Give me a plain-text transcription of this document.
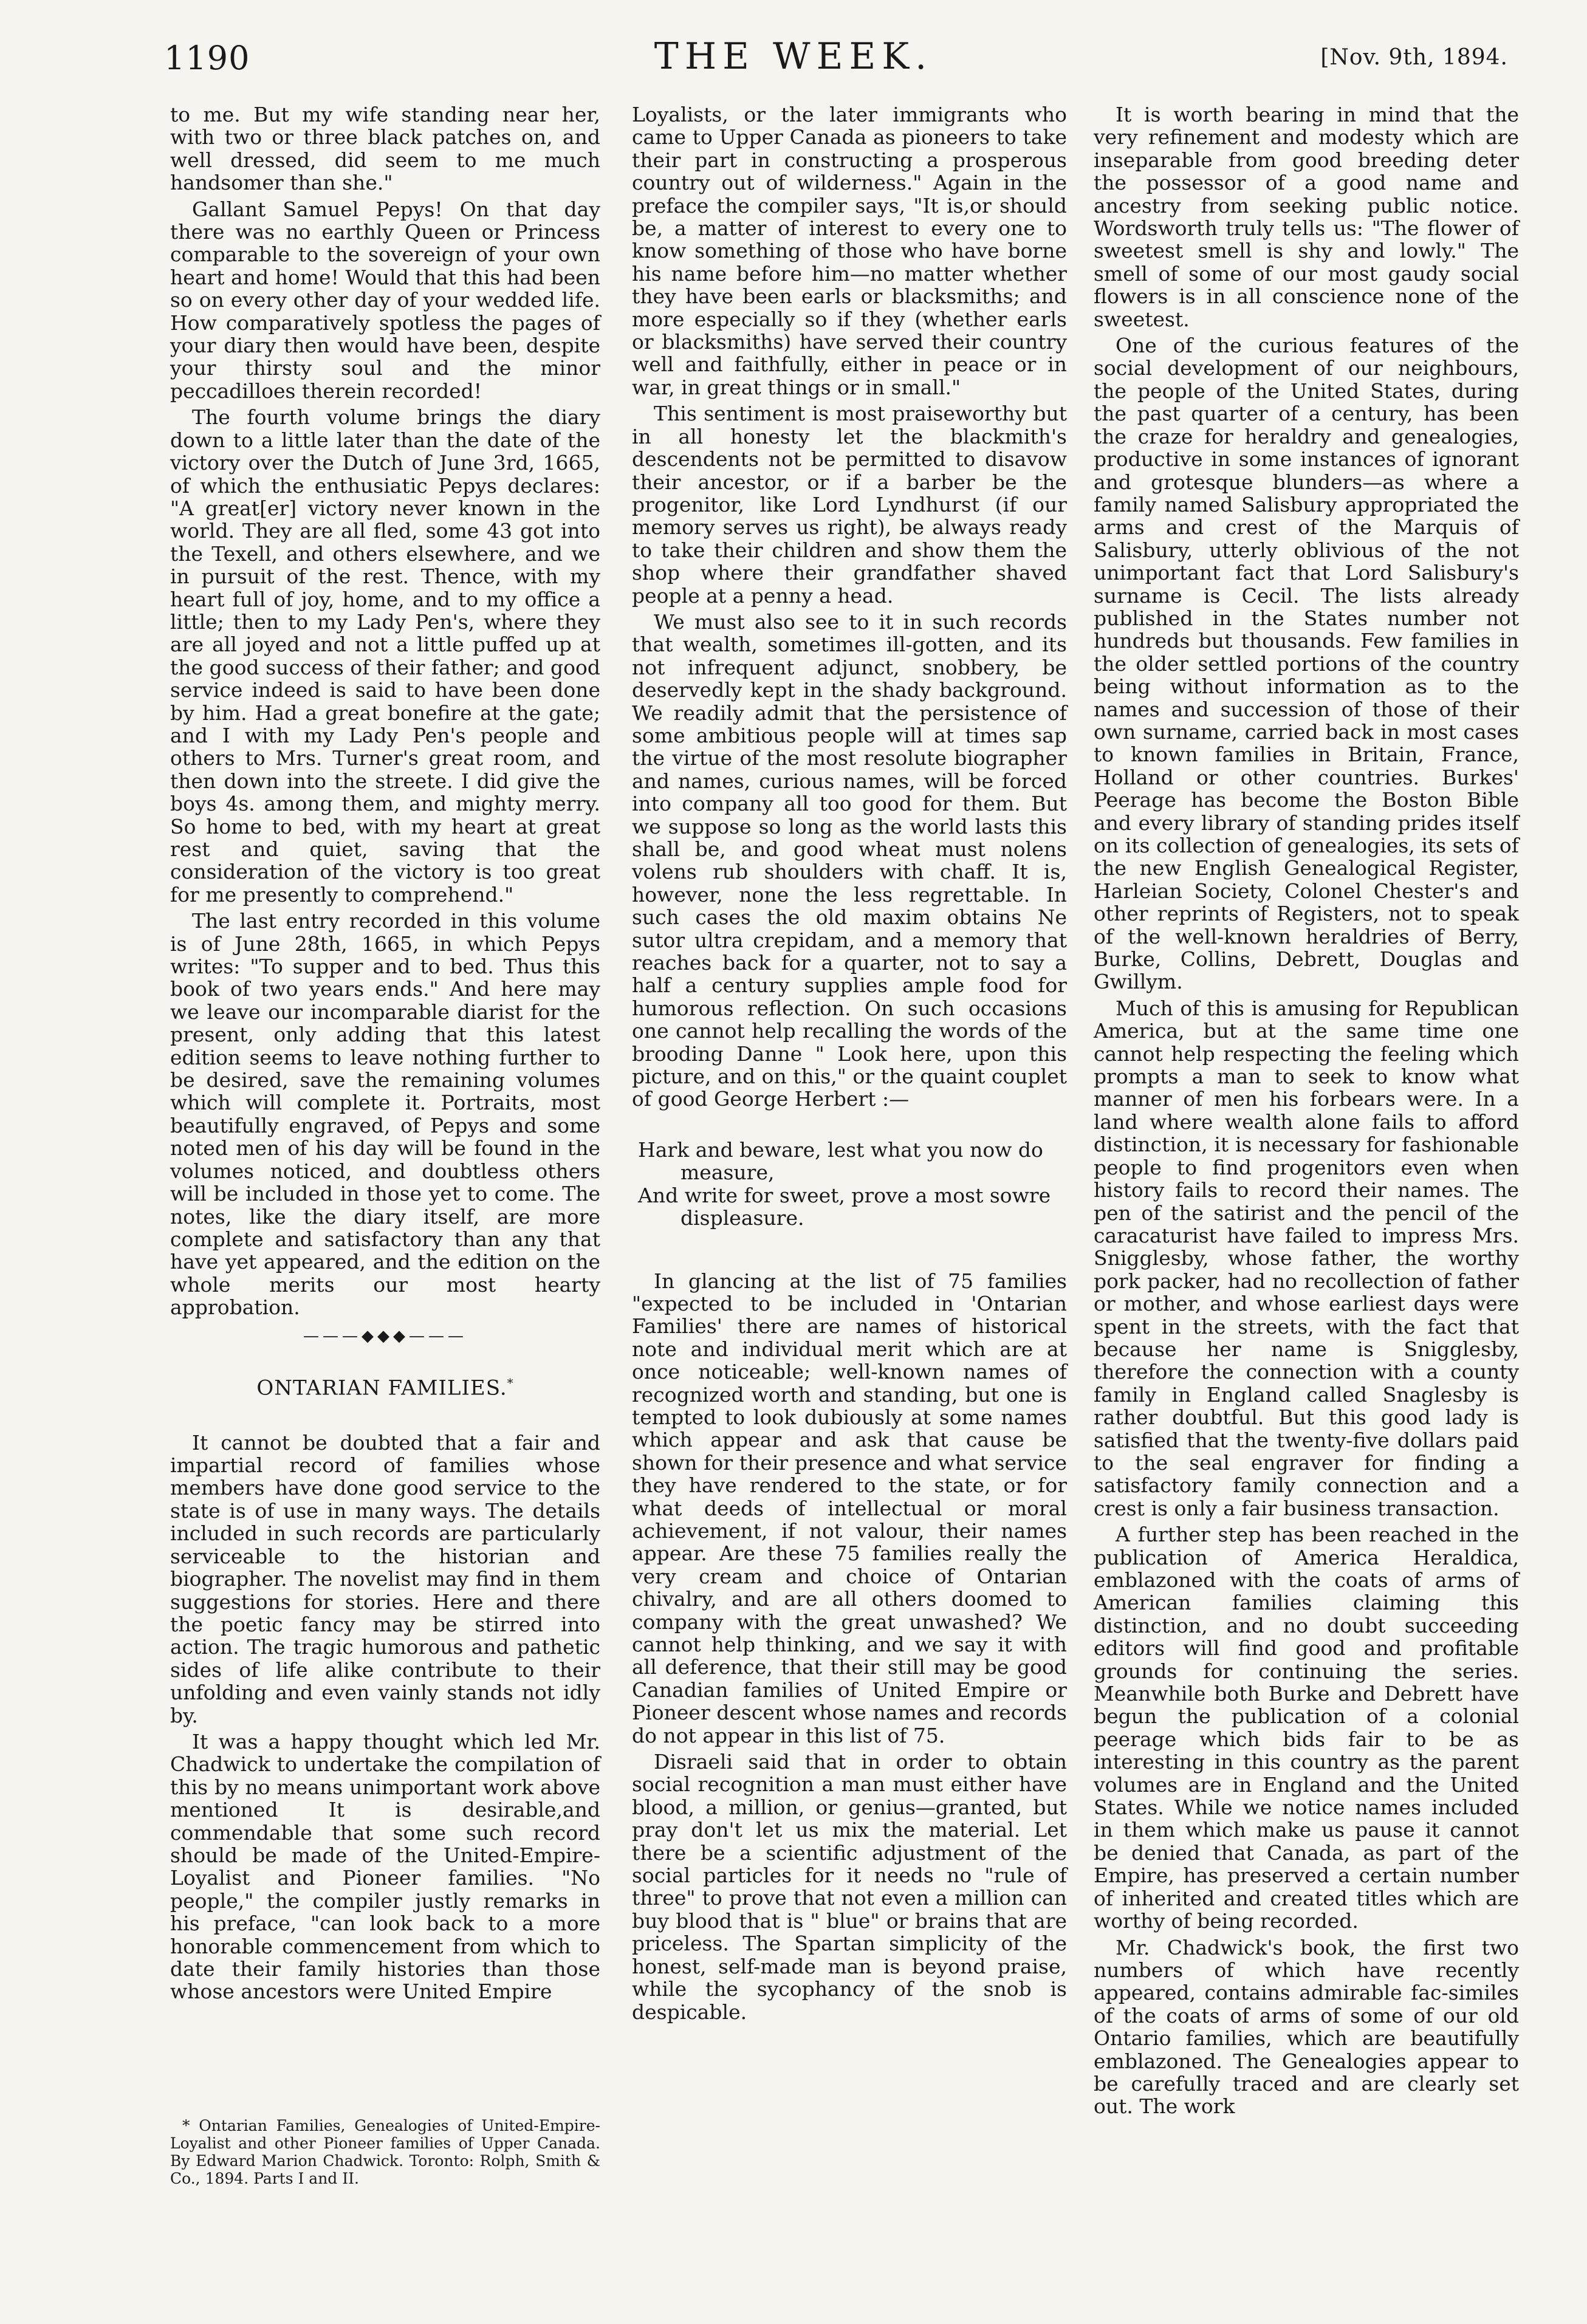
1190	THE WEEK.	[Nov. 9th, 1894.

to me. But my wife standing near her, with two or three black patches on, and well dressed, did seem to me much handsomer than she."

Gallant Samuel Pepys! On that day there was no earthly Queen or Princess comparable to the sovereign of your own heart and home! Would that this had been so on every other day of your wedded life. How comparatively spotless the pages of your diary then would have been, despite your thirsty soul and the minor peccadilloes therein recorded!

The fourth volume brings the diary down to a little later than the date of the victory over the Dutch of June 3rd, 1665, of which the enthusiatic Pepys declares: "A great[er] victory never known in the world. They are all fled, some 43 got into the Texell, and others elsewhere, and we in pursuit of the rest. Thence, with my heart full of joy, home, and to my office a little; then to my Lady Pen's, where they are all joyed and not a little puffed up at the good success of their father; and good service indeed is said to have been done by him. Had a great bonefire at the gate; and I with my Lady Pen's people and others to Mrs. Turner's great room, and then down into the streete. I did give the boys 4s. among them, and mighty merry. So home to bed, with my heart at great rest and quiet, saving that the consideration of the victory is too great for me presently to comprehend."

The last entry recorded in this volume is of June 28th, 1665, in which Pepys writes: "To supper and to bed. Thus this book of two years ends." And here may we leave our incomparable diarist for the present, only adding that this latest edition seems to leave nothing further to be desired, save the remaining volumes which will complete it. Portraits, most beautifully engraved, of Pepys and some noted men of his day will be found in the volumes noticed, and doubtless others will be included in those yet to come. The notes, like the diary itself, are more complete and satisfactory than any that have yet appeared, and the edition on the whole merits our most hearty approbation.

———◆◆◆———
ONTARIAN FAMILIES.*

It cannot be doubted that a fair and impartial record of families whose members have done good service to the state is of use in many ways. The details included in such records are particularly serviceable to the historian and biographer. The novelist may find in them suggestions for stories. Here and there the poetic fancy may be stirred into action. The tragic humorous and pathetic sides of life alike contribute to their unfolding and even vainly stands not idly by.

It was a happy thought which led Mr. Chadwick to undertake the compilation of this by no means unimportant work above mentioned It is desirable,and commendable that some such record should be made of the United-Empire-Loyalist and Pioneer families. "No people," the compiler justly remarks in his preface, "can look back to a more honorable commencement from which to date their family histories than those whose ancestors were United Empire

* Ontarian Families, Genealogies of United-Empire-Loyalist and other Pioneer families of Upper Canada. By Edward Marion Chadwick. Toronto: Rolph, Smith & Co., 1894. Parts I and II.

Loyalists, or the later immigrants who came to Upper Canada as pioneers to take their part in constructing a prosperous country out of wilderness." Again in the preface the compiler says, "It is,or should be, a matter of interest to every one to know something of those who have borne his name before him—no matter whether they have been earls or blacksmiths; and more especially so if they (whether earls or blacksmiths) have served their country well and faithfully, either in peace or in war, in great things or in small."

This sentiment is most praiseworthy but in all honesty let the blackmith's descendents not be permitted to disavow their ancestor, or if a barber be the progenitor, like Lord Lyndhurst (if our memory serves us right), be always ready to take their children and show them the shop where their grandfather shaved people at a penny a head.

We must also see to it in such records that wealth, sometimes ill-gotten, and its not infrequent adjunct, snobbery, be deservedly kept in the shady background. We readily admit that the persistence of some ambitious people will at times sap the virtue of the most resolute biographer and names, curious names, will be forced into company all too good for them. But we suppose so long as the world lasts this shall be, and good wheat must nolens volens rub shoulders with chaff. It is, however, none the less regrettable. In such cases the old maxim obtains Ne sutor ultra crepidam, and a memory that reaches back for a quarter, not to say a half a century supplies ample food for humorous reflection. On such occasions one cannot help recalling the words of the brooding Danne " Look here, upon this picture, and on this," or the quaint couplet of good George Herbert :—

Hark and beware, lest what you now do measure,
And write for sweet, prove a most sowre displeasure.

In glancing at the list of 75 families "expected to be included in 'Ontarian Families' there are names of historical note and individual merit which are at once noticeable; well-known names of recognized worth and standing, but one is tempted to look dubiously at some names which appear and ask that cause be shown for their presence and what service they have rendered to the state, or for what deeds of intellectual or moral achievement, if not valour, their names appear. Are these 75 families really the very cream and choice of Ontarian chivalry, and are all others doomed to company with the great unwashed? We cannot help thinking, and we say it with all deference, that their still may be good Canadian families of United Empire or Pioneer descent whose names and records do not appear in this list of 75.

Disraeli said that in order to obtain social recognition a man must either have blood, a million, or genius—granted, but pray don't let us mix the material. Let there be a scientific adjustment of the social particles for it needs no "rule of three" to prove that not even a million can buy blood that is " blue" or brains that are priceless. The Spartan simplicity of the honest, self-made man is beyond praise, while the sycophancy of the snob is despicable.

It is worth bearing in mind that the very refinement and modesty which are inseparable from good breeding deter the possessor of a good name and ancestry from seeking public notice. Wordsworth truly tells us: "The flower of sweetest smell is shy and lowly." The smell of some of our most gaudy social flowers is in all conscience none of the sweetest.

One of the curious features of the social development of our neighbours, the people of the United States, during the past quarter of a century, has been the craze for heraldry and genealogies, productive in some instances of ignorant and grotesque blunders—as where a family named Salisbury appropriated the arms and crest of the Marquis of Salisbury, utterly oblivious of the not unimportant fact that Lord Salisbury's surname is Cecil. The lists already published in the States number not hundreds but thousands. Few families in the older settled portions of the country being without information as to the names and succession of those of their own surname, carried back in most cases to known families in Britain, France, Holland or other countries. Burkes' Peerage has become the Boston Bible and every library of standing prides itself on its collection of genealogies, its sets of the new English Genealogical Register, Harleian Society, Colonel Chester's and other reprints of Registers, not to speak of the well-known heraldries of Berry, Burke, Collins, Debrett, Douglas and Gwillym.

Much of this is amusing for Republican America, but at the same time one cannot help respecting the feeling which prompts a man to seek to know what manner of men his forbears were. In a land where wealth alone fails to afford distinction, it is necessary for fashionable people to find progenitors even when history fails to record their names. The pen of the satirist and the pencil of the caracaturist have failed to impress Mrs. Snigglesby, whose father, the worthy pork packer, had no recollection of father or mother, and whose earliest days were spent in the streets, with the fact that because her name is Snigglesby, therefore the connection with a county family in England called Snaglesby is rather doubtful. But this good lady is satisfied that the twenty-five dollars paid to the seal engraver for finding a satisfactory family connection and a crest is only a fair business transaction.

A further step has been reached in the publication of America Heraldica, emblazoned with the coats of arms of American families claiming this distinction, and no doubt succeeding editors will find good and profitable grounds for continuing the series. Meanwhile both Burke and Debrett have begun the publication of a colonial peerage which bids fair to be as interesting in this country as the parent volumes are in England and the United States. While we notice names included in them which make us pause it cannot be denied that Canada, as part of the Empire, has preserved a certain number of inherited and created titles which are worthy of being recorded.

Mr. Chadwick's book, the first two numbers of which have recently appeared, contains admirable fac-similes of the coats of arms of some of our old Ontario families, which are beautifully emblazoned. The Genealogies appear to be carefully traced and are clearly set out. The work
